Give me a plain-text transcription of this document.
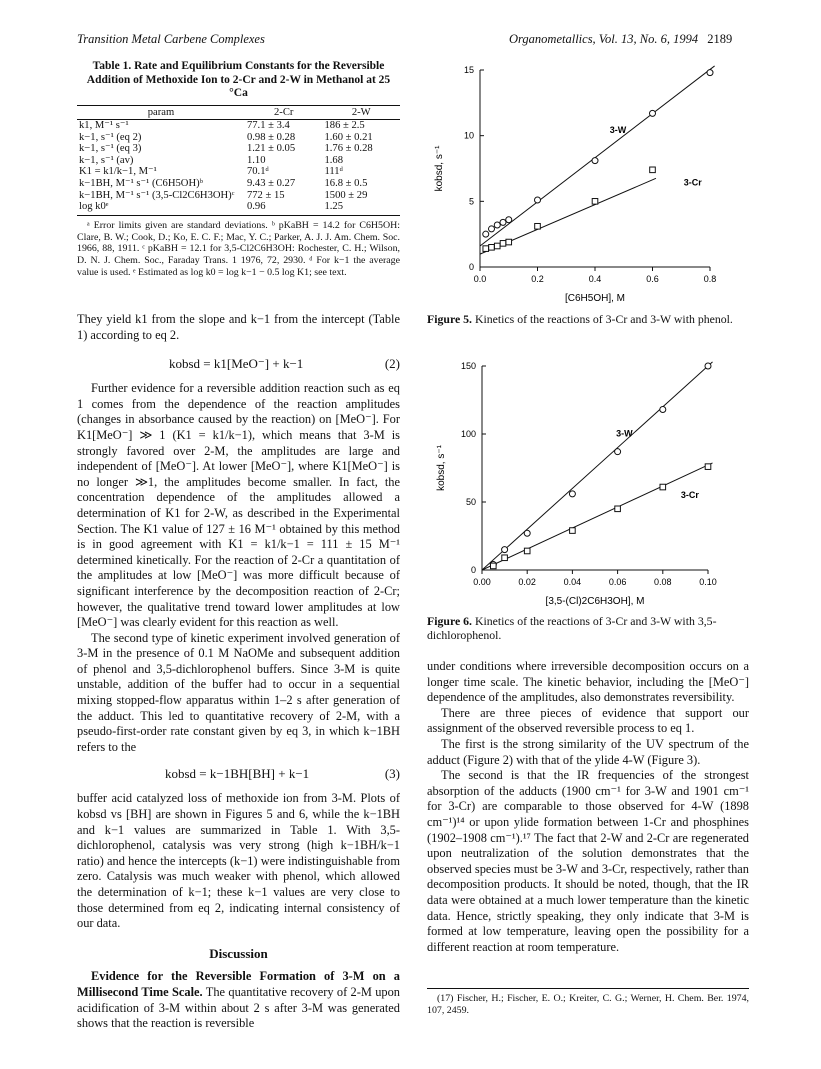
Transition Metal Carbene Complexes	Organometallics, Vol. 13, No. 6, 1994 2189
Table 1. Rate and Equilibrium Constants for the Reversible Addition of Methoxide Ion to 2-Cr and 2-W in Methanol at 25 °Ca
param	2-Cr	2-W
k1, M⁻¹ s⁻¹	77.1 ± 3.4	186 ± 2.5
k−1, s⁻¹ (eq 2)	0.98 ± 0.28	1.60 ± 0.21
k−1, s⁻¹ (eq 3)	1.21 ± 0.05	1.76 ± 0.28
k−1, s⁻¹ (av)	1.10	1.68
K1 = k1/k−1, M⁻¹	70.1ᵈ	111ᵈ
k−1BH, M⁻¹ s⁻¹ (C6H5OH)ᵇ	9.43 ± 0.27	16.8 ± 0.5
k−1BH, M⁻¹ s⁻¹ (3,5-Cl2C6H3OH)ᶜ	772 ± 15	1500 ± 29
log k0ᵉ	0.96	1.25

ᵃ Error limits given are standard deviations. ᵇ pKaBH = 14.2 for C6H5OH: Clare, B. W.; Cook, D.; Ko, E. C. F.; Mac, Y. C.; Parker, A. J. J. Am. Chem. Soc. 1966, 88, 1911. ᶜ pKaBH = 12.1 for 3,5-Cl2C6H3OH: Rochester, C. H.; Wilson, D. N. J. Chem. Soc., Faraday Trans. 1 1976, 72, 2930. ᵈ For k−1 the average value is used. ᵉ Estimated as log k0 = log k−1 − 0.5 log K1; see text.

They yield k1 from the slope and k−1 from the intercept (Table 1) according to eq 2.

kobsd = k1[MeO⁻] + k−1	(2)

Further evidence for a reversible addition reaction such as eq 1 comes from the dependence of the reaction amplitudes (changes in absorbance caused by the reaction) on [MeO⁻]. For K1[MeO⁻] ≫ 1 (K1 = k1/k−1), which means that 3-M is strongly favored over 2-M, the amplitudes are large and independent of [MeO⁻]. At lower [MeO⁻], where K1[MeO⁻] is no longer ≫1, the amplitudes become smaller. In fact, the concentration dependence of the amplitudes allowed a determination of K1 for 2-W, as described in the Experimental Section. The K1 value of 127 ± 16 M⁻¹ obtained by this method is in good agreement with K1 = k1/k−1 = 111 ± 15 M⁻¹ determined kinetically. For the reaction of 2-Cr a quantitation of the amplitudes at low [MeO⁻] was more difficult because of significant interference by the decomposition reaction of 2-Cr; however, the qualitative trend toward lower amplitudes at low [MeO⁻] was clearly evident for this reaction as well.

The second type of kinetic experiment involved generation of 3-M in the presence of 0.1 M NaOMe and subsequent addition of phenol and 3,5-dichlorophenol buffers. Since 3-M is quite unstable, addition of the buffer had to occur in a sequential mixing stopped-flow apparatus within 1–2 s after generation of the adduct. This led to quantitative recovery of 2-M, with a pseudo-first-order rate constant given by eq 3, in which k−1BH refers to the

kobsd = k−1BH[BH] + k−1	(3)

buffer acid catalyzed loss of methoxide ion from 3-M. Plots of kobsd vs [BH] are shown in Figures 5 and 6, while the k−1BH and k−1 values are summarized in Table 1. With 3,5-dichlorophenol, catalysis was very strong (high k−1BH/k−1 ratio) and hence the intercepts (k−1) were indistinguishable from zero. Catalysis was much weaker with phenol, which allowed the determination of k−1; these k−1 values are very close to those determined from eq 2, indicating internal consistency of our data.

Discussion

Evidence for the Reversible Formation of 3-M on a Millisecond Time Scale. The quantitative recovery of 2-M upon acidification of 3-M within about 2 s after 3-M was generated shows that the reaction is reversible

0.0	0.2	0.4	0.6	0.8
0
5
10
15
[C6H5OH], M
kobsd, s⁻¹
3-W
3-Cr
Figure 5. Kinetics of the reactions of 3-Cr and 3-W with phenol.
0.00	0.02	0.04	0.06	0.08	0.10
0
50
100
150
[3,5-(Cl)2C6H3OH], M
kobsd, s⁻¹
3-W
3-Cr
Figure 6. Kinetics of the reactions of 3-Cr and 3-W with 3,5-dichlorophenol.

under conditions where irreversible decomposition occurs on a longer time scale. The kinetic behavior, including the [MeO⁻] dependence of the amplitudes, also demonstrates reversibility.

There are three pieces of evidence that support our assignment of the observed reversible process to eq 1.

The first is the strong similarity of the UV spectrum of the adduct (Figure 2) with that of the ylide 4-W (Figure 3).

The second is that the IR frequencies of the strongest absorption of the adducts (1900 cm⁻¹ for 3-W and 1901 cm⁻¹ for 3-Cr) are comparable to those observed for 4-W (1898 cm⁻¹)¹⁴ or upon ylide formation between 1-Cr and phosphines (1902–1908 cm⁻¹).¹⁷ The fact that 2-W and 2-Cr are regenerated upon neutralization of the solution demonstrates that the observed species must be 3-W and 3-Cr, respectively, rather than decomposition products. It should be noted, though, that the IR data were obtained at a much lower temperature than the kinetic data. Hence, strictly speaking, they only indicate that 3-M is formed at low temperature, leaving open the possibility for a different reaction at room temperature.

(17) Fischer, H.; Fischer, E. O.; Kreiter, C. G.; Werner, H. Chem. Ber. 1974, 107, 2459.
